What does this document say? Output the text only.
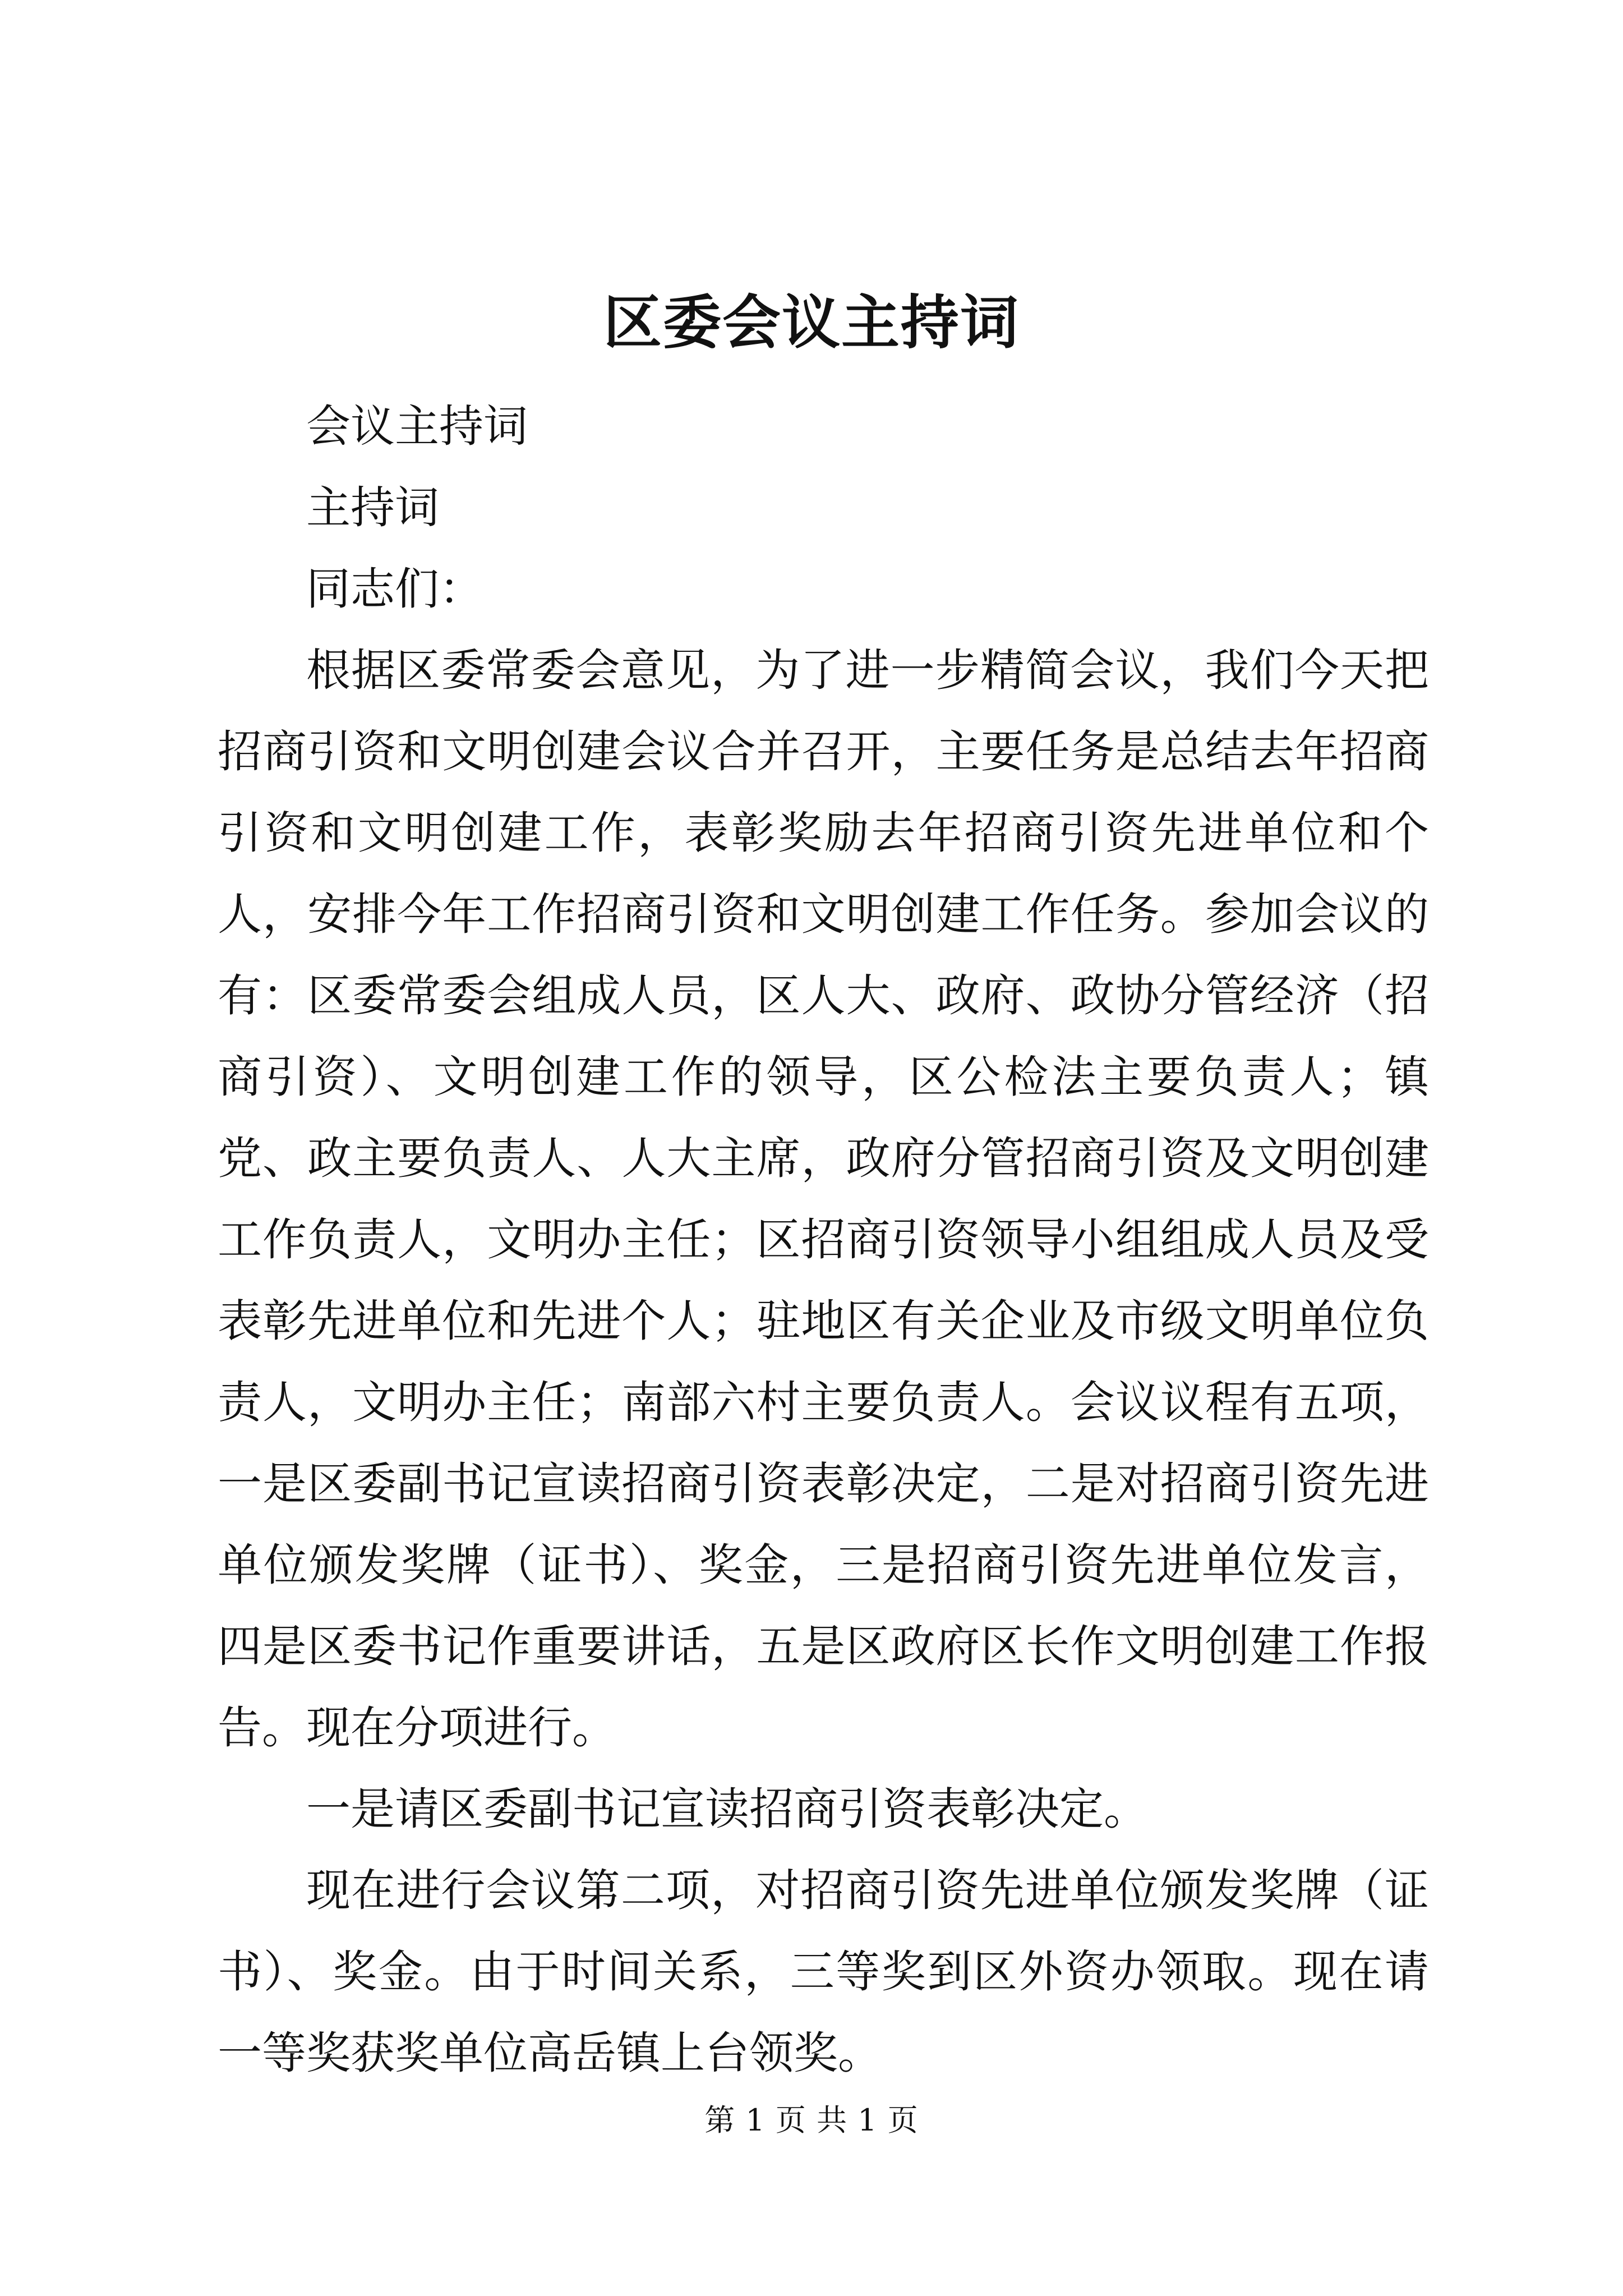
区委会议主持词

会议主持词

主持词

同志们：

根据区委常委会意见，为了进一步精简会议，我们今天把招商引资和文明创建会议合并召开，主要任务是总结去年招商引资和文明创建工作，表彰奖励去年招商引资先进单位和个人，安排今年工作招商引资和文明创建工作任务。参加会议的有：区委常委会组成人员，区人大、政府、政协分管经济（招商引资）、文明创建工作的领导，区公检法主要负责人；镇党、政主要负责人、人大主席，政府分管招商引资及文明创建工作负责人，文明办主任；区招商引资领导小组组成人员及受表彰先进单位和先进个人；驻地区有关企业及市级文明单位负责人，文明办主任；南部六村主要负责人。会议议程有五项，一是区委副书记宣读招商引资表彰决定，二是对招商引资先进单位颁发奖牌（证书）、奖金，三是招商引资先进单位发言，四是区委书记作重要讲话，五是区政府区长作文明创建工作报告。现在分项进行。

一是请区委副书记宣读招商引资表彰决定。

现在进行会议第二项，对招商引资先进单位颁发奖牌（证书）、奖金。由于时间关系，三等奖到区外资办领取。现在请一等奖获奖单位高岳镇上台领奖。

第 1 页 共 1 页
